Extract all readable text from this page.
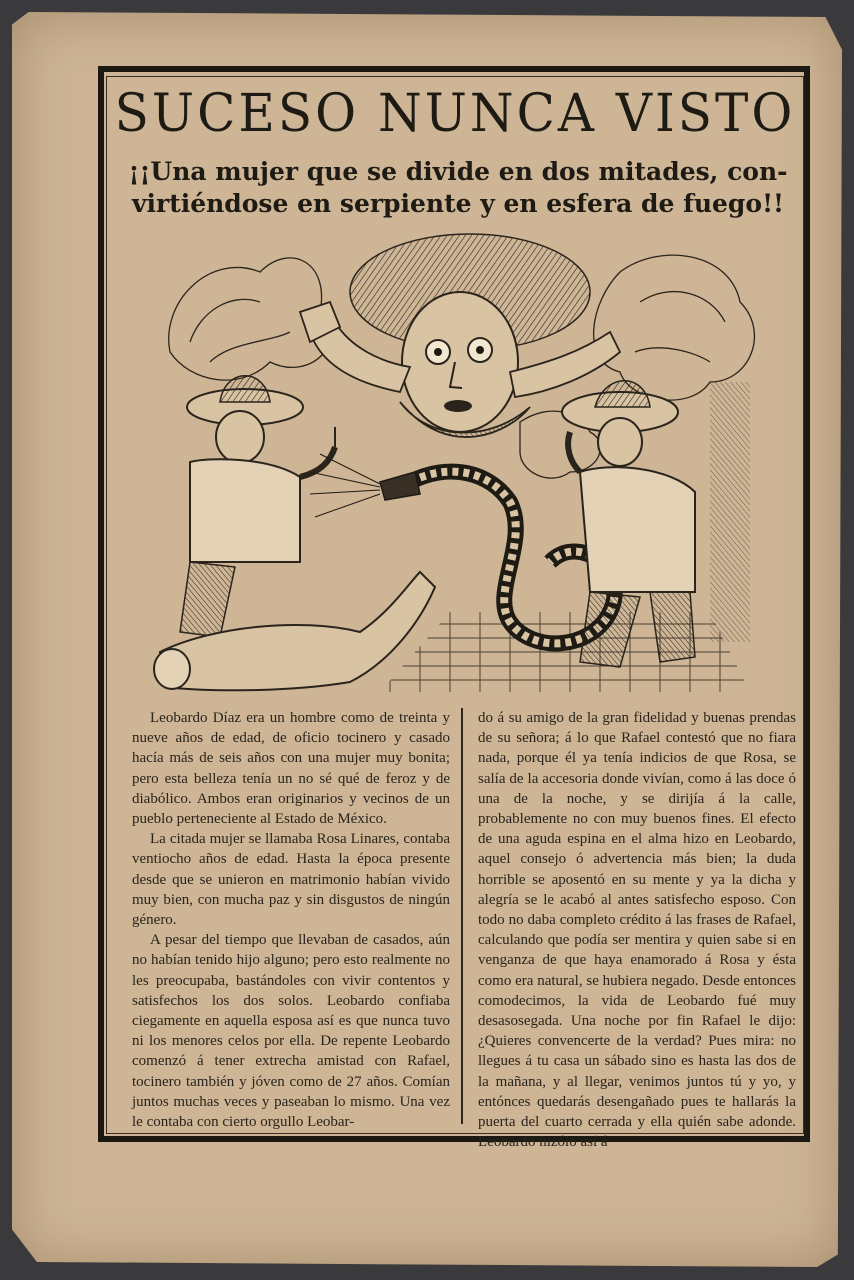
SUCESO NUNCA VISTO
¡¡Una mujer que se divide en dos mitades, con-
virtiéndose en serpiente y en esfera de fuego!!

Leobardo Díaz era un hombre como de treinta y nueve años de edad, de oficio tocinero y casado hacía más de seis años con una mujer muy bonita; pero esta belleza tenía un no sé qué de feroz y de diabólico. Ambos eran originarios y vecinos de un pueblo perteneciente al Estado de México.

La citada mujer se llamaba Rosa Linares, contaba ventiocho años de edad. Hasta la época presente desde que se unieron en matrimonio habían vivido muy bien, con mucha paz y sin disgustos de ningún género.

A pesar del tiempo que llevaban de casados, aún no habían tenido hijo alguno; pero esto realmente no les preocupaba, bastándoles con vivir contentos y satisfechos los dos solos. Leobardo confiaba ciegamente en aquella esposa así es que nunca tuvo ni los menores celos por ella. De repente Leobardo comenzó á tener extrecha amistad con Rafael, tocinero también y jóven como de 27 años. Comían juntos muchas veces y paseaban lo mismo. Una vez le contaba con cierto orgullo Leobar-

do á su amigo de la gran fidelidad y buenas prendas de su señora; á lo que Rafael contestó que no fiara nada, porque él ya tenía indicios de que Rosa, se salía de la accesoria donde vivían, como á las doce ó una de la noche, y se dirijía á la calle, probablemente no con muy buenos fines. El efecto de una aguda espina en el alma hizo en Leobardo, aquel consejo ó advertencia más bien; la duda horrible se aposentó en su mente y ya la dicha y alegría se le acabó al antes satisfecho esposo. Con todo no daba completo crédito á las frases de Rafael, calculando que podía ser mentira y quien sabe si en venganza de que haya enamorado á Rosa y ésta como era natural, se hubiera negado. Desde entonces comodecimos, la vida de Leobardo fué muy desasosegada. Una noche por fin Rafael le dijo: ¿Quieres convencerte de la verdad? Pues mira: no llegues á tu casa un sábado sino es hasta las dos de la mañana, y al llegar, venimos juntos tú y yo, y entónces quedarás desengañado pues te hallarás la puerta del cuarto cerrada y ella quién sabe adonde. Leobardo hizólo así á
